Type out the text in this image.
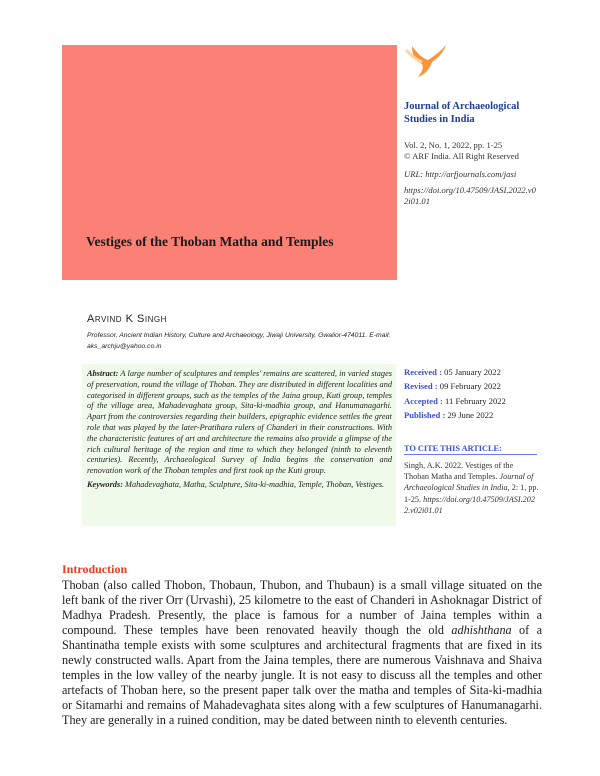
Vestiges of the Thoban Matha and Temples
Journal of Archaeological Studies in India
Vol. 2, No. 1, 2022, pp. 1-25
© ARF India. All Right Reserved
URL: http://arfjournals.com/jasi
https://doi.org/10.47509/JASI.2022.v02i01.01
Arvind K Singh
Professor, Ancient Indian History, Culture and Archaeology, Jiwaji University, Gwalior-474011. E-mail: aks_archju@yahoo.co.in

Abstract: A large number of sculptures and temples' remains are scattered, in varied stages of preservation, round the village of Thoban. They are distributed in different localities and categorised in different groups, such as the temples of the Jaina group, Kuti group, temples of the village area, Mahadevaghata group, Sita-ki-madhia group, and Hanumanagarhi. Apart from the controversies regarding their builders, epigraphic evidence settles the great role that was played by the later-Pratihara rulers of Chanderi in their constructions. With the characteristic features of art and architecture the remains also provide a glimpse of the rich cultural heritage of the region and time to which they belonged (ninth to eleventh centuries). Recently, Archaeological Survey of India begins the conservation and renovation work of the Thoban temples and first took up the Kuti group.

Keywords: Mahadevaghata, Matha, Sculpture, Sita-ki-madhia, Temple, Thoban, Vestiges.

Received : 05 January 2022
Revised : 09 February 2022
Accepted : 11 February 2022
Published : 29 June 2022
TO CITE THIS ARTICLE:
Singh, A.K. 2022. Vestiges of the Thoban Matha and Temples. Journal of Archaeological Studies in India, 2: 1, pp. 1-25. https://doi.org/10.47509/JASI.2022.v02i01.01
Introduction

Thoban (also called Thobon, Thobaun, Thubon, and Thubaun) is a small village situated on the left bank of the river Orr (Urvashi), 25 kilometre to the east of Chanderi in Ashoknagar District of Madhya Pradesh. Presently, the place is famous for a number of Jaina temples within a compound. These temples have been renovated heavily though the old adhishthana of a Shantinatha temple exists with some sculptures and architectural fragments that are fixed in its newly constructed walls. Apart from the Jaina temples, there are numerous Vaishnava and Shaiva temples in the low valley of the nearby jungle. It is not easy to discuss all the temples and other artefacts of Thoban here, so the present paper talk over the matha and temples of Sita-ki-madhia or Sitamarhi and remains of Mahadevaghata sites along with a few sculptures of Hanumanagarhi. They are generally in a ruined condition, may be dated between ninth to eleventh centuries.
